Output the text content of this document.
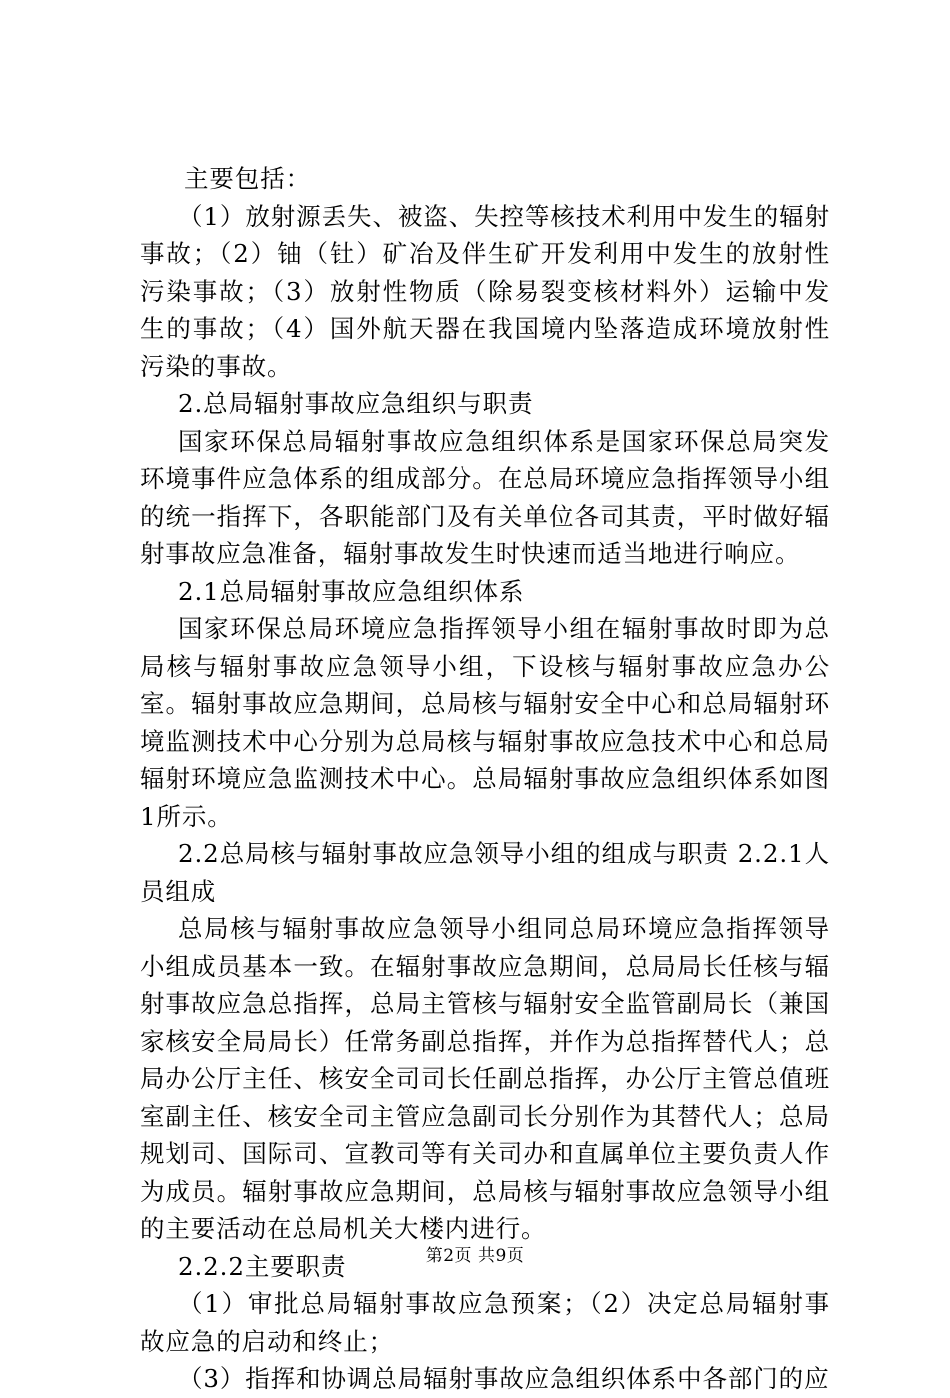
主要包括：

（1）放射源丢失、被盗、失控等核技术利用中发生的辐射事故；（2）铀（钍）矿冶及伴生矿开发利用中发生的放射性污染事故；（3）放射性物质（除易裂变核材料外）运输中发生的事故；（4）国外航天器在我国境内坠落造成环境放射性污染的事故。

2.总局辐射事故应急组织与职责

国家环保总局辐射事故应急组织体系是国家环保总局突发环境事件应急体系的组成部分。在总局环境应急指挥领导小组的统一指挥下，各职能部门及有关单位各司其责，平时做好辐射事故应急准备，辐射事故发生时快速而适当地进行响应。

2.1总局辐射事故应急组织体系

国家环保总局环境应急指挥领导小组在辐射事故时即为总局核与辐射事故应急领导小组，下设核与辐射事故应急办公室。辐射事故应急期间，总局核与辐射安全中心和总局辐射环境监测技术中心分别为总局核与辐射事故应急技术中心和总局辐射环境应急监测技术中心。总局辐射事故应急组织体系如图1所示。

2.2总局核与辐射事故应急领导小组的组成与职责 2.2.1人员组成

总局核与辐射事故应急领导小组同总局环境应急指挥领导小组成员基本一致。在辐射事故应急期间，总局局长任核与辐射事故应急总指挥，总局主管核与辐射安全监管副局长（兼国家核安全局局长）任常务副总指挥，并作为总指挥替代人；总局办公厅主任、核安全司司长任副总指挥，办公厅主管总值班室副主任、核安全司主管应急副司长分别作为其替代人；总局规划司、国际司、宣教司等有关司办和直属单位主要负责人作为成员。辐射事故应急期间，总局核与辐射事故应急领导小组的主要活动在总局机关大楼内进行。

2.2.2主要职责

（1）审批总局辐射事故应急预案；（2）决定总局辐射事故应急的启动和终止；

（3）指挥和协调总局辐射事故应急组织体系中各部门的应

第2页 共9页
